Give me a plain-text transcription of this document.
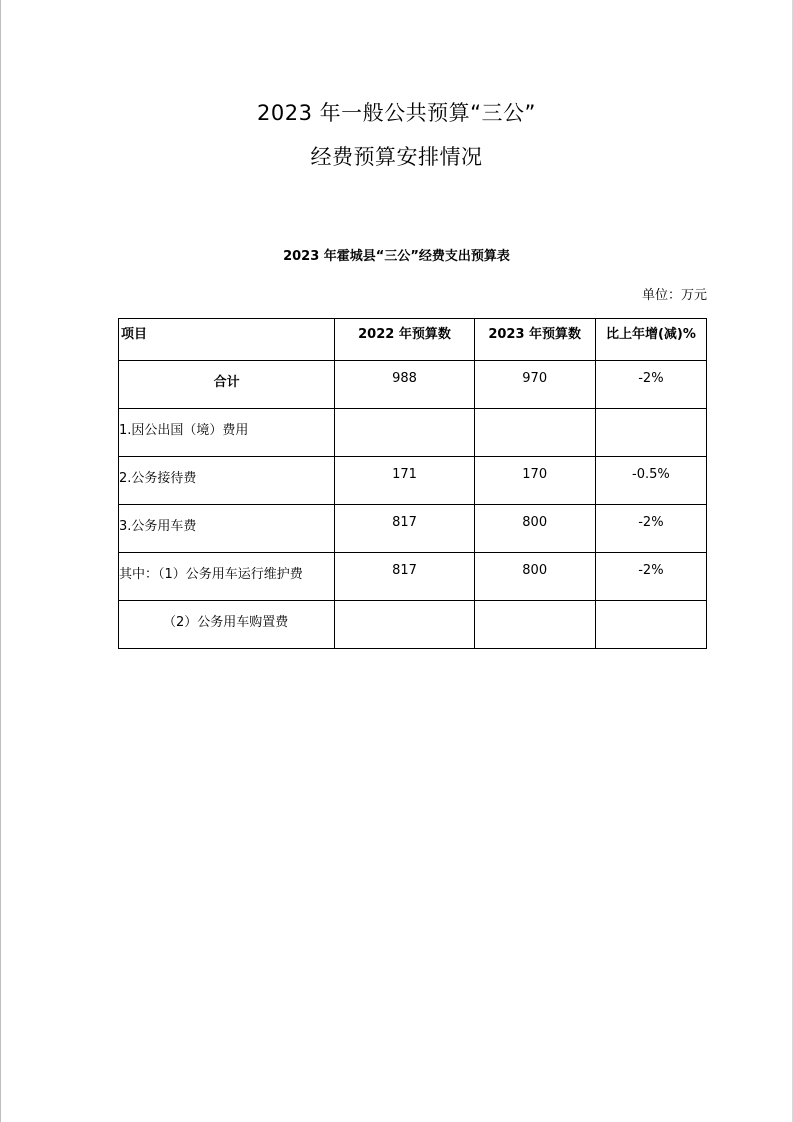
2023 年一般公共预算“三公”
经费预算安排情况
2023 年霍城县“三公”经费支出预算表
单位：万元
项目	2022 年预算数	2023 年预算数	比上年增(减)%
合计	988	970	-2%
1.因公出国（境）费用			
2.公务接待费	171	170	-0.5%
3.公务用车费	817	800	-2%
其中：（1）公务用车运行维护费	817	800	-2%
（2）公务用车购置费			
